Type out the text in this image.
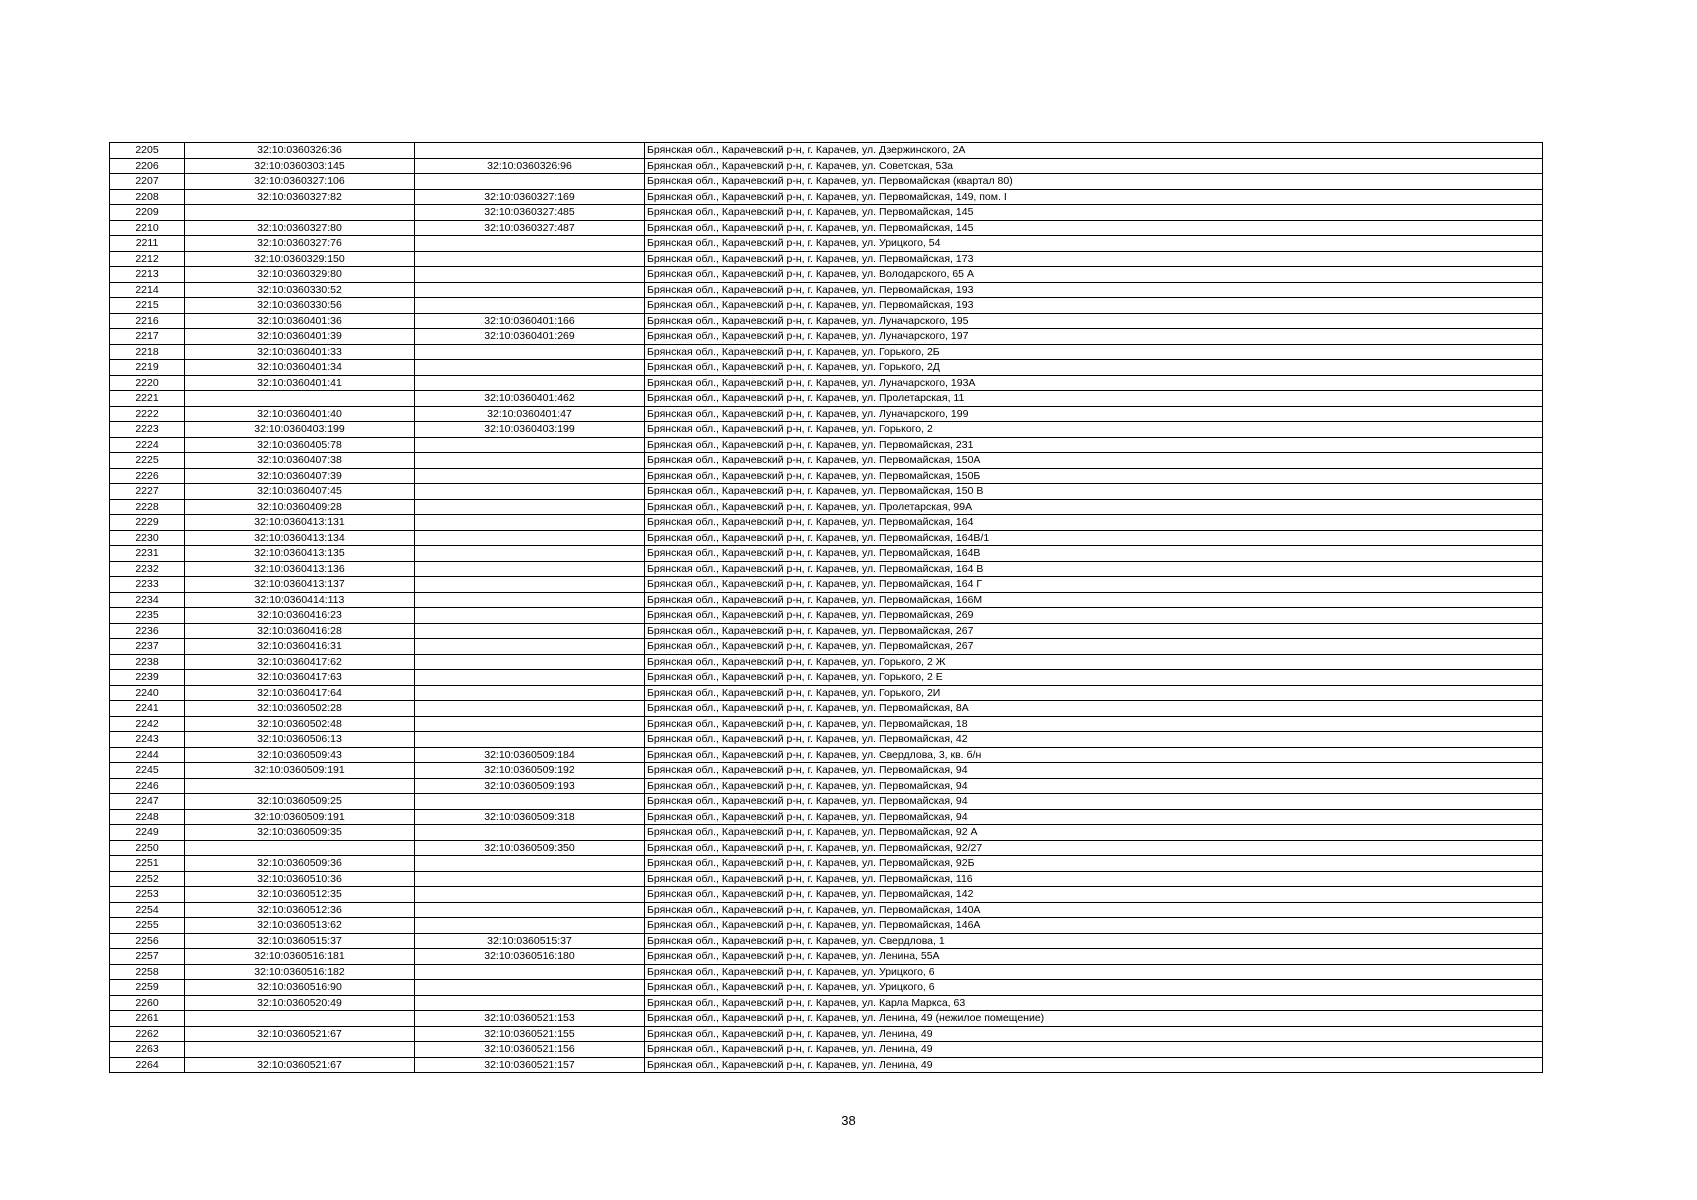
2205	32:10:0360326:36		Брянская обл., Карачевский р-н, г. Карачев, ул. Дзержинского, 2А
2206	32:10:0360303:145	32:10:0360326:96	Брянская обл., Карачевский р-н, г. Карачев, ул. Советская, 53а
2207	32:10:0360327:106		Брянская обл., Карачевский р-н, г. Карачев, ул. Первомайская (квартал 80)
2208	32:10:0360327:82	32:10:0360327:169	Брянская обл., Карачевский р-н, г. Карачев, ул. Первомайская, 149, пом. I
2209		32:10:0360327:485	Брянская обл., Карачевский р-н, г. Карачев, ул. Первомайская, 145
2210	32:10:0360327:80	32:10:0360327:487	Брянская обл., Карачевский р-н, г. Карачев, ул. Первомайская, 145
2211	32:10:0360327:76		Брянская обл., Карачевский р-н, г. Карачев, ул. Урицкого, 54
2212	32:10:0360329:150		Брянская обл., Карачевский р-н, г. Карачев, ул. Первомайская, 173
2213	32:10:0360329:80		Брянская обл., Карачевский р-н, г. Карачев, ул. Володарского, 65 А
2214	32:10:0360330:52		Брянская обл., Карачевский р-н, г. Карачев, ул. Первомайская, 193
2215	32:10:0360330:56		Брянская обл., Карачевский р-н, г. Карачев, ул. Первомайская, 193
2216	32:10:0360401:36	32:10:0360401:166	Брянская обл., Карачевский р-н, г. Карачев, ул. Луначарского, 195
2217	32:10:0360401:39	32:10:0360401:269	Брянская обл., Карачевский р-н, г. Карачев, ул. Луначарского, 197
2218	32:10:0360401:33		Брянская обл., Карачевский р-н, г. Карачев, ул. Горького, 2Б
2219	32:10:0360401:34		Брянская обл., Карачевский р-н, г. Карачев, ул. Горького, 2Д
2220	32:10:0360401:41		Брянская обл., Карачевский р-н, г. Карачев, ул. Луначарского, 193А
2221		32:10:0360401:462	Брянская обл., Карачевский р-н, г. Карачев, ул. Пролетарская, 11
2222	32:10:0360401:40	32:10:0360401:47	Брянская обл., Карачевский р-н, г. Карачев, ул. Луначарского, 199
2223	32:10:0360403:199	32:10:0360403:199	Брянская обл., Карачевский р-н, г. Карачев, ул. Горького, 2
2224	32:10:0360405:78		Брянская обл., Карачевский р-н, г. Карачев, ул. Первомайская, 231
2225	32:10:0360407:38		Брянская обл., Карачевский р-н, г. Карачев, ул. Первомайская, 150А
2226	32:10:0360407:39		Брянская обл., Карачевский р-н, г. Карачев, ул. Первомайская, 150Б
2227	32:10:0360407:45		Брянская обл., Карачевский р-н, г. Карачев, ул. Первомайская, 150 В
2228	32:10:0360409:28		Брянская обл., Карачевский р-н, г. Карачев, ул. Пролетарская, 99А
2229	32:10:0360413:131		Брянская обл., Карачевский р-н, г. Карачев, ул. Первомайская, 164
2230	32:10:0360413:134		Брянская обл., Карачевский р-н, г. Карачев, ул. Первомайская, 164В/1
2231	32:10:0360413:135		Брянская обл., Карачевский р-н, г. Карачев, ул. Первомайская, 164В
2232	32:10:0360413:136		Брянская обл., Карачевский р-н, г. Карачев, ул. Первомайская, 164 В
2233	32:10:0360413:137		Брянская обл., Карачевский р-н, г. Карачев, ул. Первомайская, 164 Г
2234	32:10:0360414:113		Брянская обл., Карачевский р-н, г. Карачев, ул. Первомайская, 166М
2235	32:10:0360416:23		Брянская обл., Карачевский р-н, г. Карачев, ул. Первомайская, 269
2236	32:10:0360416:28		Брянская обл., Карачевский р-н, г. Карачев, ул. Первомайская, 267
2237	32:10:0360416:31		Брянская обл., Карачевский р-н, г. Карачев, ул. Первомайская, 267
2238	32:10:0360417:62		Брянская обл., Карачевский р-н, г. Карачев, ул. Горького, 2 Ж
2239	32:10:0360417:63		Брянская обл., Карачевский р-н, г. Карачев, ул. Горького, 2 Е
2240	32:10:0360417:64		Брянская обл., Карачевский р-н, г. Карачев, ул. Горького, 2И
2241	32:10:0360502:28		Брянская обл., Карачевский р-н, г. Карачев, ул. Первомайская, 8А
2242	32:10:0360502:48		Брянская обл., Карачевский р-н, г. Карачев, ул. Первомайская, 18
2243	32:10:0360506:13		Брянская обл., Карачевский р-н, г. Карачев, ул. Первомайская, 42
2244	32:10:0360509:43	32:10:0360509:184	Брянская обл., Карачевский р-н, г. Карачев, ул. Свердлова, 3, кв. б/н
2245	32:10:0360509:191	32:10:0360509:192	Брянская обл., Карачевский р-н, г. Карачев, ул. Первомайская, 94
2246		32:10:0360509:193	Брянская обл., Карачевский р-н, г. Карачев, ул. Первомайская, 94
2247	32:10:0360509:25		Брянская обл., Карачевский р-н, г. Карачев, ул. Первомайская, 94
2248	32:10:0360509:191	32:10:0360509:318	Брянская обл., Карачевский р-н, г. Карачев, ул. Первомайская, 94
2249	32:10:0360509:35		Брянская обл., Карачевский р-н, г. Карачев, ул. Первомайская, 92 А
2250		32:10:0360509:350	Брянская обл., Карачевский р-н, г. Карачев, ул. Первомайская, 92/27
2251	32:10:0360509:36		Брянская обл., Карачевский р-н, г. Карачев, ул. Первомайская, 92Б
2252	32:10:0360510:36		Брянская обл., Карачевский р-н, г. Карачев, ул. Первомайская, 116
2253	32:10:0360512:35		Брянская обл., Карачевский р-н, г. Карачев, ул. Первомайская, 142
2254	32:10:0360512:36		Брянская обл., Карачевский р-н, г. Карачев, ул. Первомайская, 140А
2255	32:10:0360513:62		Брянская обл., Карачевский р-н, г. Карачев, ул. Первомайская, 146А
2256	32:10:0360515:37	32:10:0360515:37	Брянская обл., Карачевский р-н, г. Карачев, ул. Свердлова, 1
2257	32:10:0360516:181	32:10:0360516:180	Брянская обл., Карачевский р-н, г. Карачев, ул. Ленина, 55А
2258	32:10:0360516:182		Брянская обл., Карачевский р-н, г. Карачев, ул. Урицкого, 6
2259	32:10:0360516:90		Брянская обл., Карачевский р-н, г. Карачев, ул. Урицкого, 6
2260	32:10:0360520:49		Брянская обл., Карачевский р-н, г. Карачев, ул. Карла Маркса, 63
2261		32:10:0360521:153	Брянская обл., Карачевский р-н, г. Карачев, ул. Ленина, 49 (нежилое помещение)
2262	32:10:0360521:67	32:10:0360521:155	Брянская обл., Карачевский р-н, г. Карачев, ул. Ленина, 49
2263		32:10:0360521:156	Брянская обл., Карачевский р-н, г. Карачев, ул. Ленина, 49
2264	32:10:0360521:67	32:10:0360521:157	Брянская обл., Карачевский р-н, г. Карачев, ул. Ленина, 49
38
